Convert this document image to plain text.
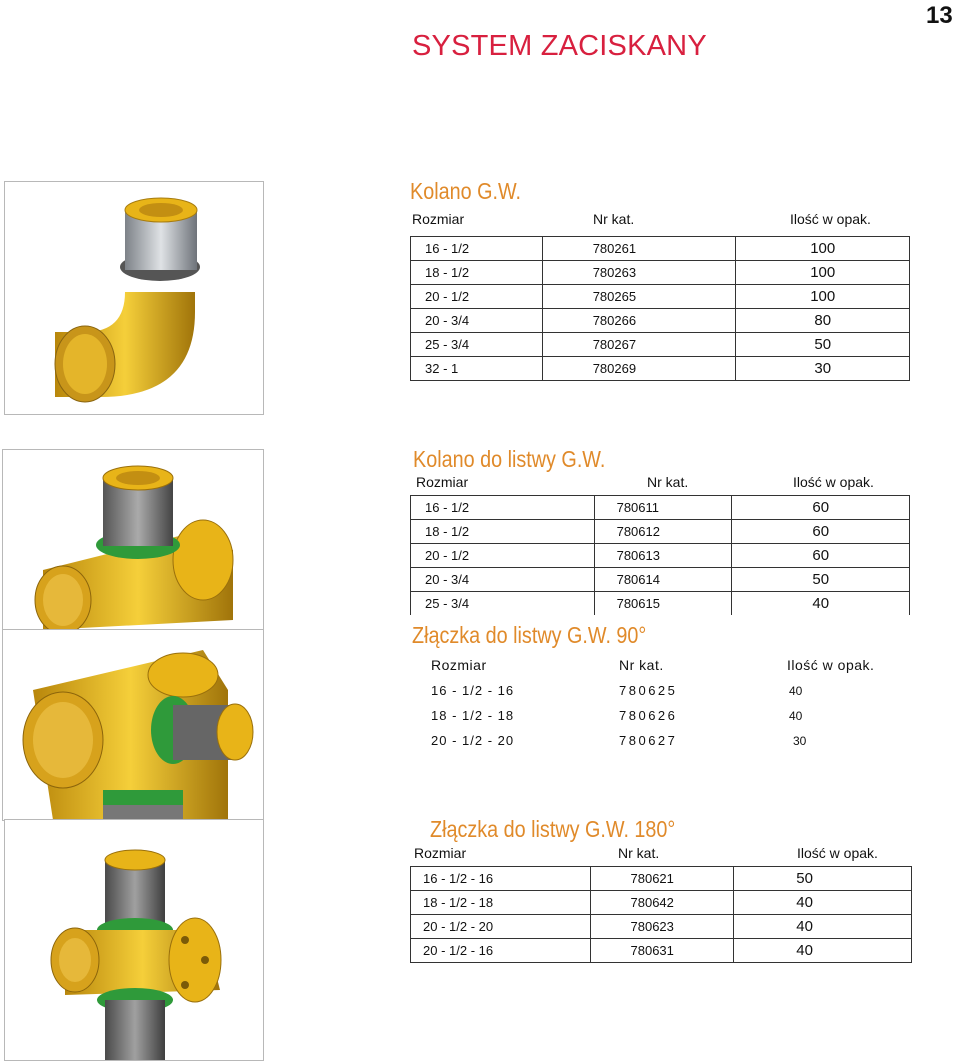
13
SYSTEM ZACISKANY
Kolano G.W.
Rozmiar	Nr kat.	Ilość w opak.
16 - 1/2	780261	100
18 - 1/2	780263	100
20 - 1/2	780265	100
20 - 3/4	780266	80
25 - 3/4	780267	50
32 - 1	780269	30
Kolano do listwy G.W.
Rozmiar	Nr kat.	Ilość w opak.
16 - 1/2	780611	60
18 - 1/2	780612	60
20 - 1/2	780613	60
20 - 3/4	780614	50
25 - 3/4	780615	40
Złączka do listwy G.W. 90°
Rozmiar	Nr kat.	Ilość w opak.
16 - 1/2 - 16	780625	40
18 - 1/2 - 18	780626	40
20 - 1/2 - 20	780627	30
Złączka do listwy G.W. 180°
Rozmiar	Nr kat.	Ilość w opak.
16 - 1/2 - 16	780621	50
18 - 1/2 - 18	780642	40
20 - 1/2 - 20	780623	40
20 - 1/2 - 16	780631	40
